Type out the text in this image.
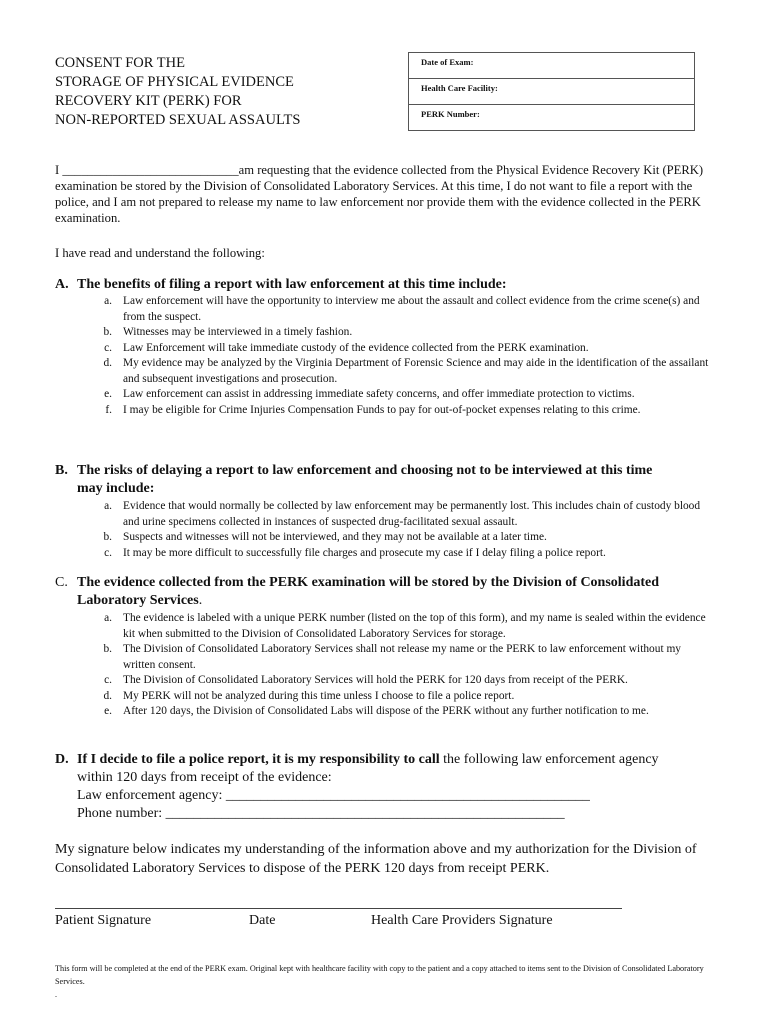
CONSENT FOR THE
STORAGE OF PHYSICAL EVIDENCE
RECOVERY KIT (PERK) FOR
NON-REPORTED SEXUAL ASSAULTS
Date of Exam:
Health Care Facility:
PERK Number:

I ____________________________am requesting that the evidence collected from the Physical Evidence Recovery Kit (PERK) examination be stored by the Division of Consolidated Laboratory Services. At this time, I do not want to file a report with the police, and I am not prepared to release my name to law enforcement nor provide them with the evidence collected in the PERK examination.

I have read and understand the following:

A. The benefits of filing a report with law enforcement at this time include:
a. Law enforcement will have the opportunity to interview me about the assault and collect evidence from the crime scene(s) and from the suspect.
b. Witnesses may be interviewed in a timely fashion.
c. Law Enforcement will take immediate custody of the evidence collected from the PERK examination.
d. My evidence may be analyzed by the Virginia Department of Forensic Science and may aide in the identification of the assailant and subsequent investigations and prosecution.
e. Law enforcement can assist in addressing immediate safety concerns, and offer immediate protection to victims.
f. I may be eligible for Crime Injuries Compensation Funds to pay for out-of-pocket expenses relating to this crime.
B. The risks of delaying a report to law enforcement and choosing not to be interviewed at this time
may include:
a. Evidence that would normally be collected by law enforcement may be permanently lost. This includes chain of custody blood and urine specimens collected in instances of suspected drug-facilitated sexual assault.
b. Suspects and witnesses will not be interviewed, and they may not be available at a later time.
c. It may be more difficult to successfully file charges and prosecute my case if I delay filing a police report.
C. The evidence collected from the PERK examination will be stored by the Division of Consolidated
Laboratory Services.
a. The evidence is labeled with a unique PERK number (listed on the top of this form), and my name is sealed within the evidence kit when submitted to the Division of Consolidated Laboratory Services for storage.
b. The Division of Consolidated Laboratory Services shall not release my name or the PERK to law enforcement without my written consent.
c. The Division of Consolidated Laboratory Services will hold the PERK for 120 days from receipt of the PERK.
d. My PERK will not be analyzed during this time unless I choose to file a police report.
e. After 120 days, the Division of Consolidated Labs will dispose of the PERK without any further notification to me.
D. If I decide to file a police report, it is my responsibility to call the following law enforcement agency

within 120 days from receipt of the evidence:

Law enforcement agency: ____________________________________________________

Phone number: _________________________________________________________

My signature below indicates my understanding of the information above and my authorization for the Division of Consolidated Laboratory Services to dispose of the PERK 120 days from receipt PERK.

Patient Signature	Date	Health Care Providers Signature

This form will be completed at the end of the PERK exam. Original kept with healthcare facility with copy to the patient and a copy attached to items sent to the Division of Consolidated Laboratory Services.

.
